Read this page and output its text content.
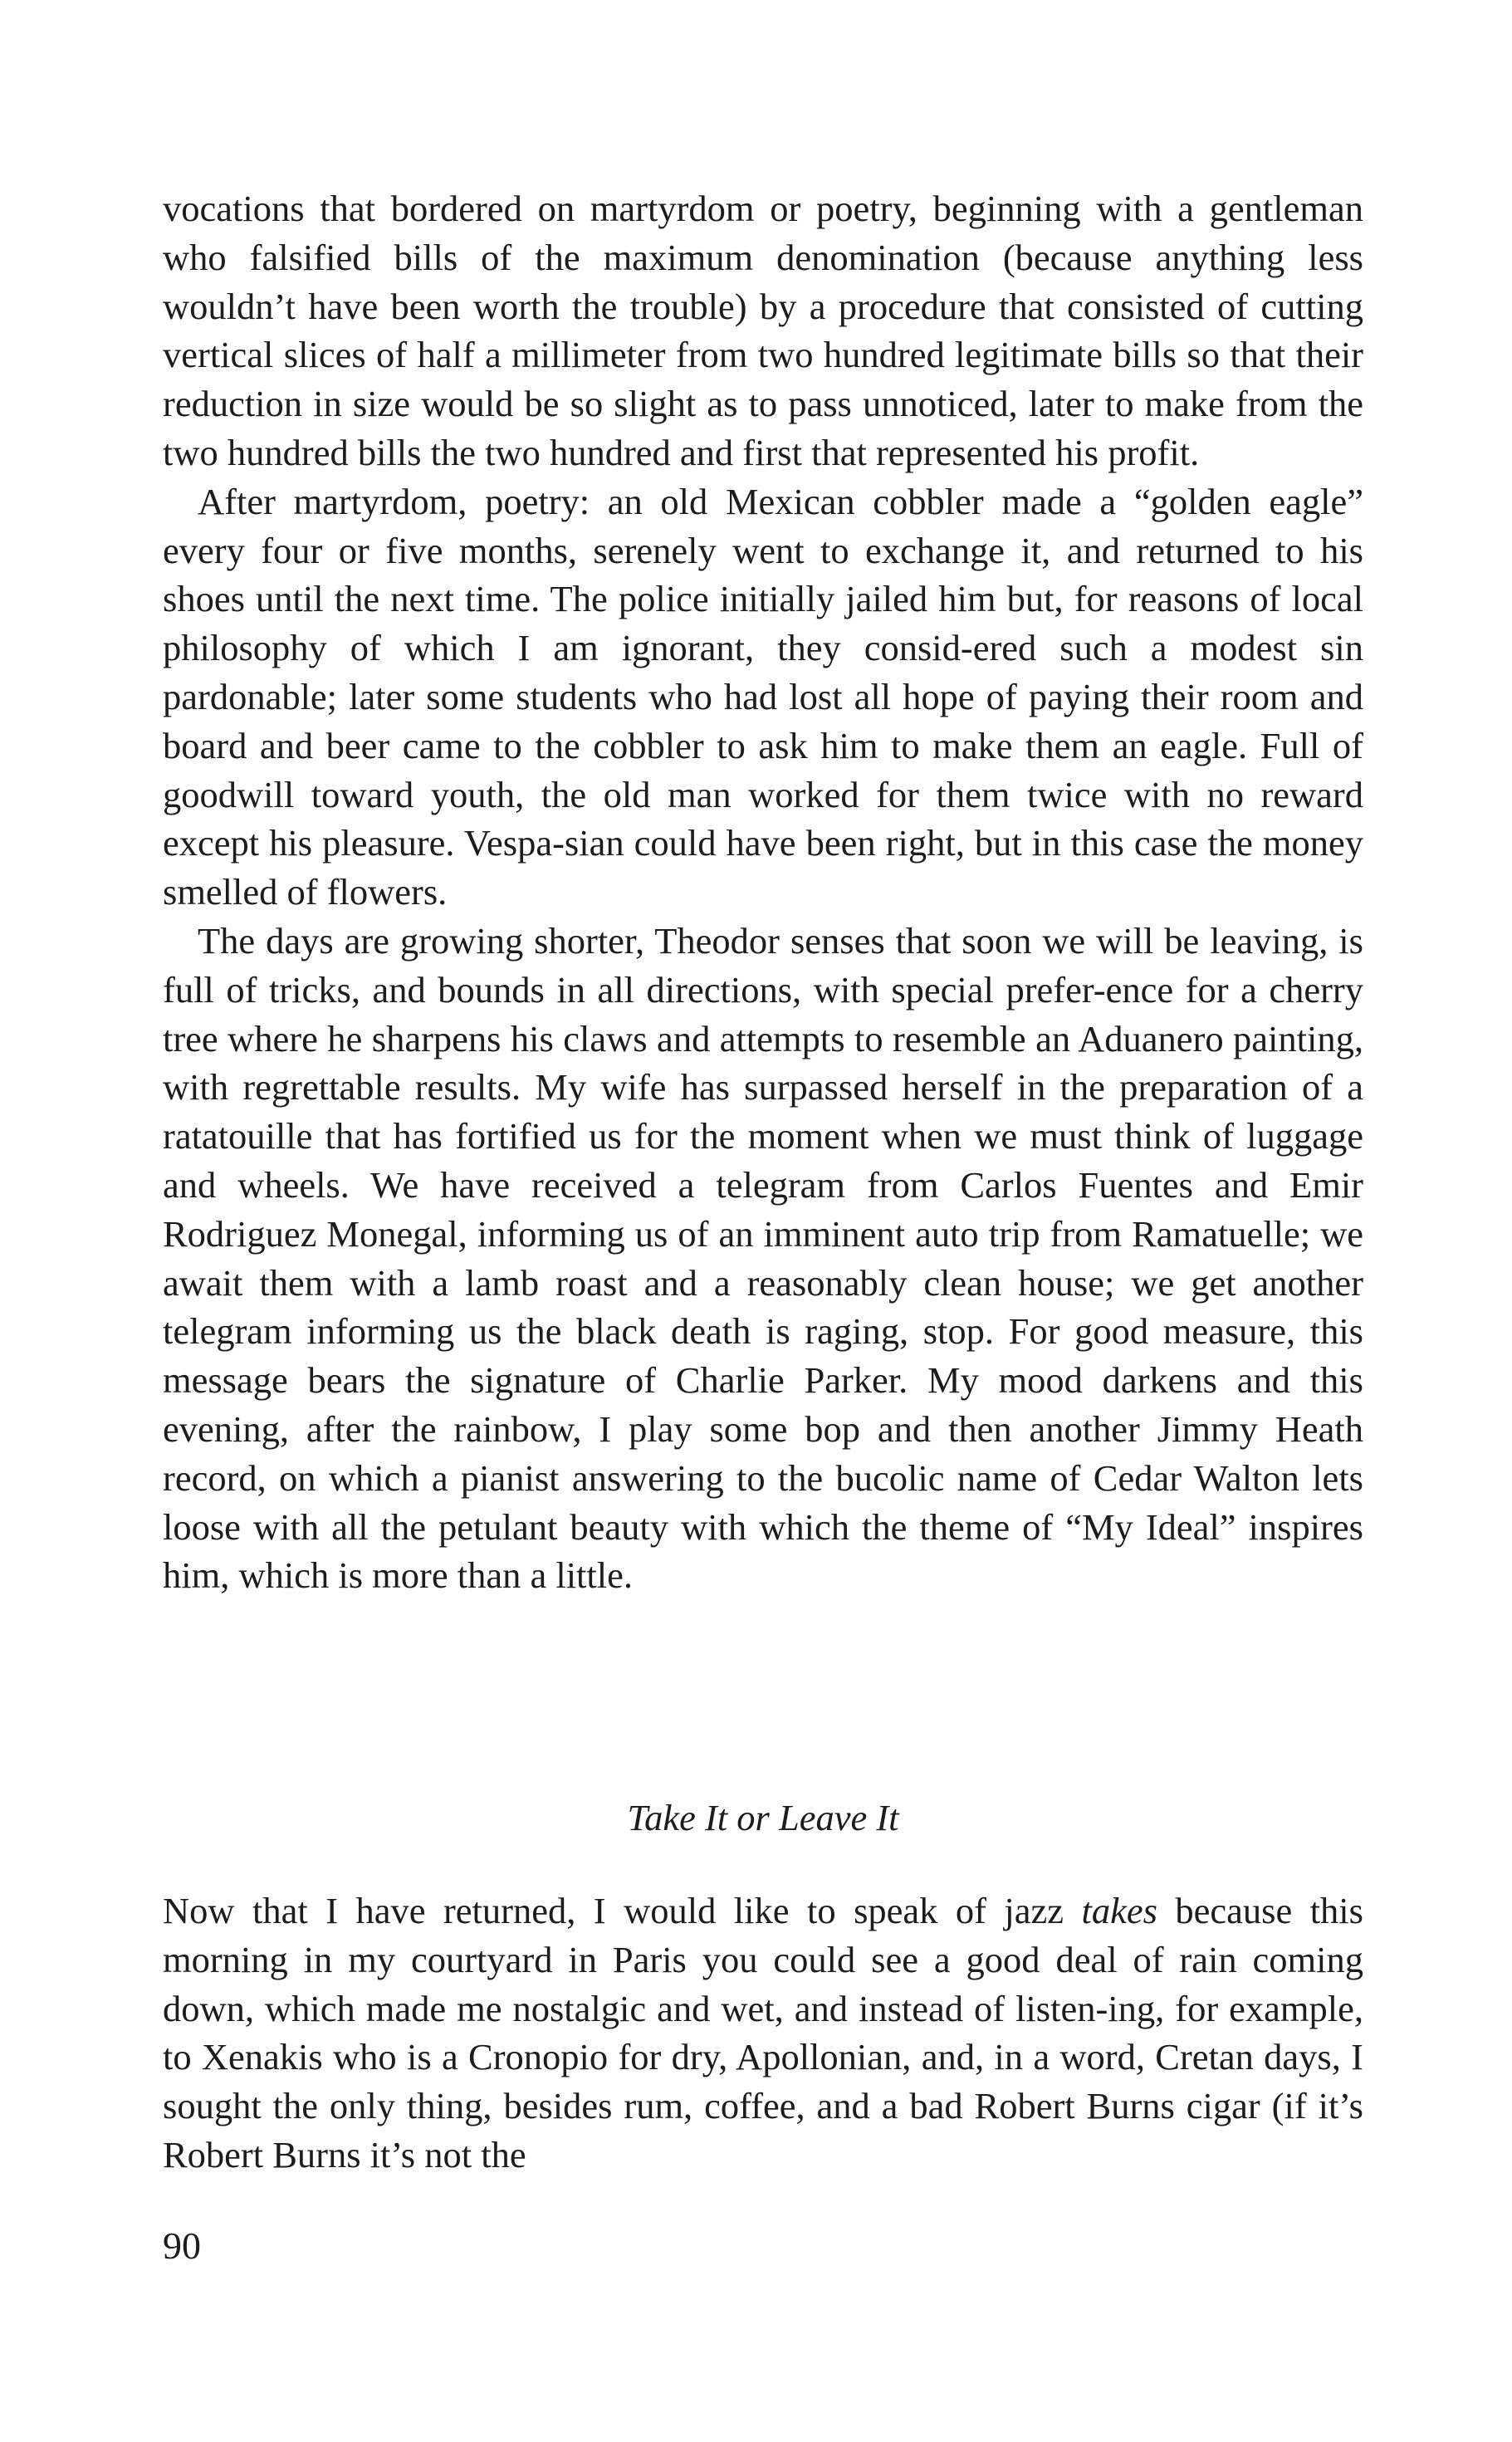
vocations that bordered on martyrdom or poetry, beginning with a gentleman who falsified bills of the maximum denomination (because anything less wouldn’t have been worth the trouble) by a procedure that consisted of cutting vertical slices of half a millimeter from two hundred legitimate bills so that their reduction in size would be so slight as to pass unnoticed, later to make from the two hundred bills the two hundred and first that represented his profit.

After martyrdom, poetry: an old Mexican cobbler made a “golden eagle” every four or five months, serenely went to exchange it, and returned to his shoes until the next time. The police initially jailed him but, for reasons of local philosophy of which I am ignorant, they consid-ered such a modest sin pardonable; later some students who had lost all hope of paying their room and board and beer came to the cobbler to ask him to make them an eagle. Full of goodwill toward youth, the old man worked for them twice with no reward except his pleasure. Vespa-sian could have been right, but in this case the money smelled of flowers.

The days are growing shorter, Theodor senses that soon we will be leaving, is full of tricks, and bounds in all directions, with special prefer-ence for a cherry tree where he sharpens his claws and attempts to resemble an Aduanero painting, with regrettable results. My wife has surpassed herself in the preparation of a ratatouille that has fortified us for the moment when we must think of luggage and wheels. We have received a telegram from Carlos Fuentes and Emir Rodriguez Monegal, informing us of an imminent auto trip from Ramatuelle; we await them with a lamb roast and a reasonably clean house; we get another telegram informing us the black death is raging, stop. For good measure, this message bears the signature of Charlie Parker. My mood darkens and this evening, after the rainbow, I play some bop and then another Jimmy Heath record, on which a pianist answering to the bucolic name of Cedar Walton lets loose with all the petulant beauty with which the theme of “My Ideal” inspires him, which is more than a little.

Take It or Leave It

Now that I have returned, I would like to speak of jazz takes because this morning in my courtyard in Paris you could see a good deal of rain coming down, which made me nostalgic and wet, and instead of listen-ing, for example, to Xenakis who is a Cronopio for dry, Apollonian, and, in a word, Cretan days, I sought the only thing, besides rum, coffee, and a bad Robert Burns cigar (if it’s Robert Burns it’s not the

90
